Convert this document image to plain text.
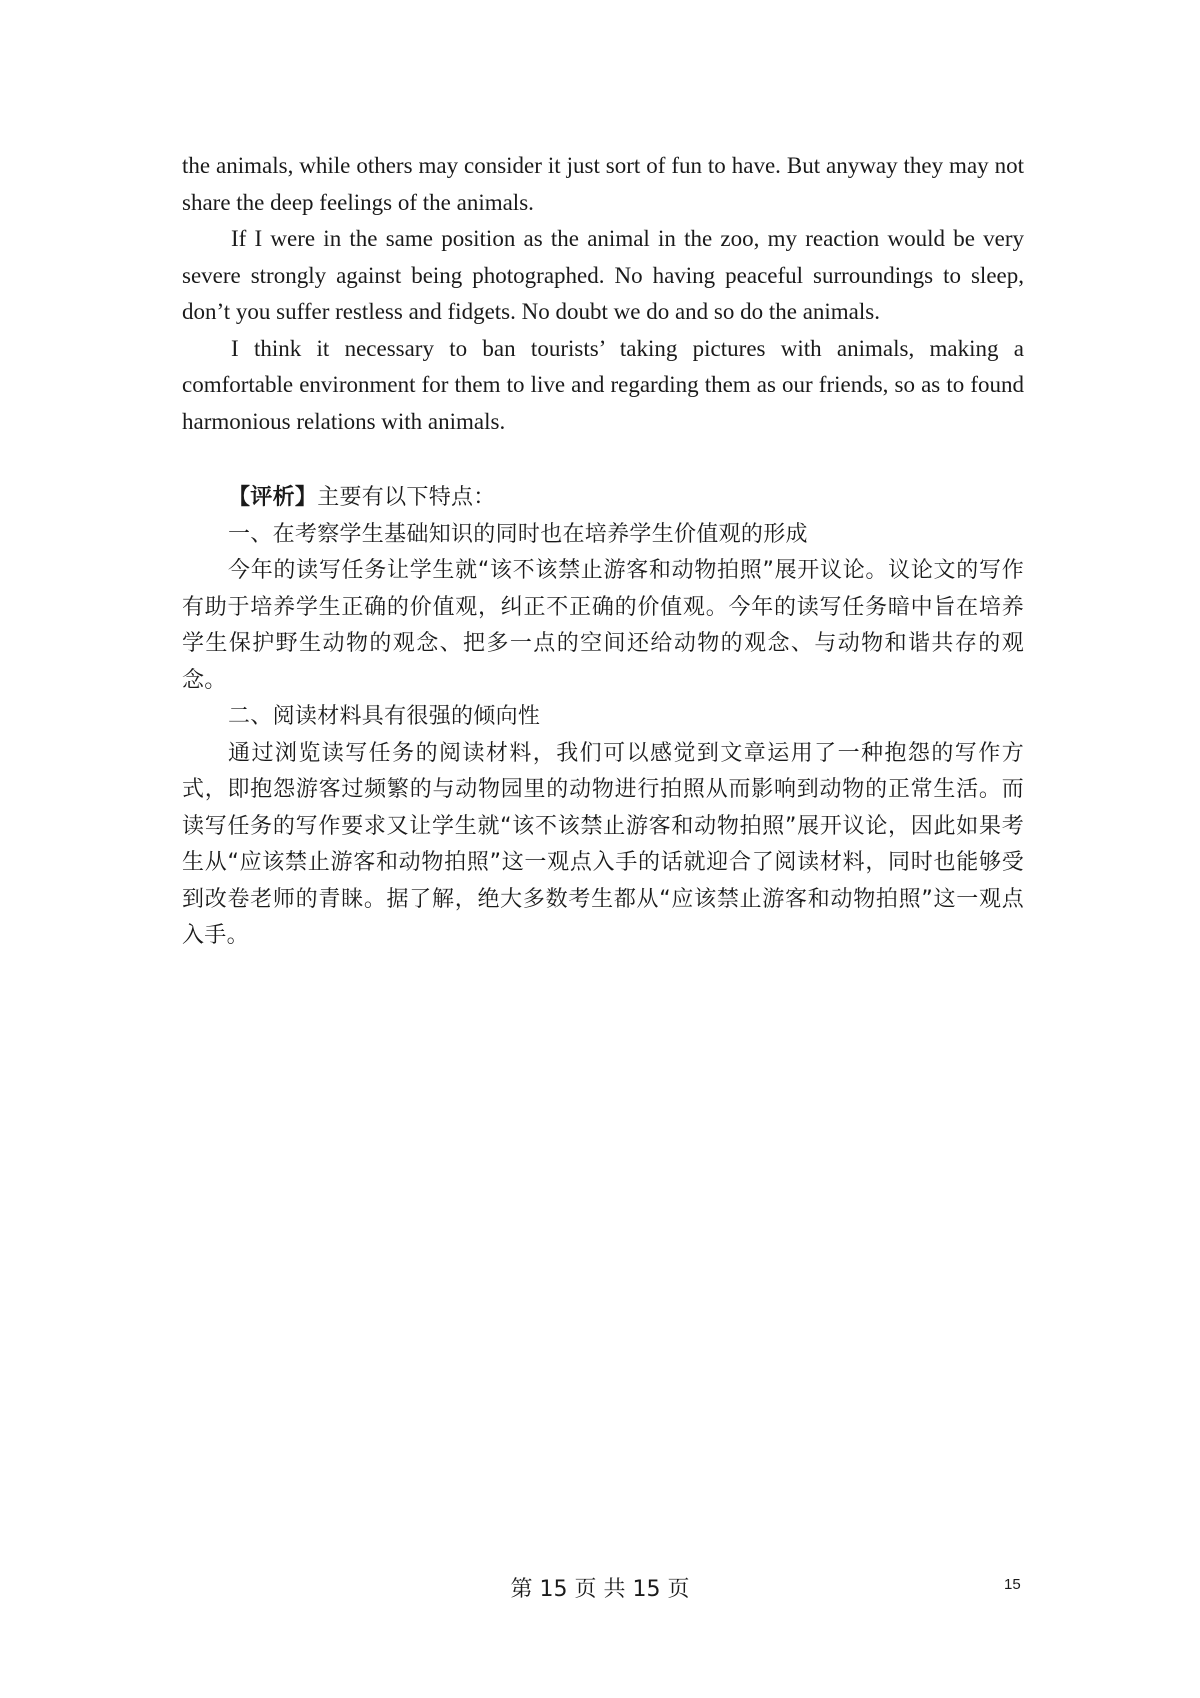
the animals, while others may consider it just sort of fun to have. But anyway they may not share the deep feelings of the animals.

If I were in the same position as the animal in the zoo, my reaction would be very severe strongly against being photographed. No having peaceful surroundings to sleep, don’t you suffer restless and fidgets. No doubt we do and so do the animals.

I think it necessary to ban tourists’ taking pictures with animals, making a comfortable environment for them to live and regarding them as our friends, so as to found harmonious relations with animals.

【评析】主要有以下特点：

一、在考察学生基础知识的同时也在培养学生价值观的形成

今年的读写任务让学生就“该不该禁止游客和动物拍照”展开议论。议论文的写作有助于培养学生正确的价值观，纠正不正确的价值观。今年的读写任务暗中旨在培养学生保护野生动物的观念、把多一点的空间还给动物的观念、与动物和谐共存的观念。

二、阅读材料具有很强的倾向性

通过浏览读写任务的阅读材料，我们可以感觉到文章运用了一种抱怨的写作方式，即抱怨游客过频繁的与动物园里的动物进行拍照从而影响到动物的正常生活。而读写任务的写作要求又让学生就“该不该禁止游客和动物拍照”展开议论，因此如果考生从“应该禁止游客和动物拍照”这一观点入手的话就迎合了阅读材料，同时也能够受到改卷老师的青睐。据了解，绝大多数考生都从“应该禁止游客和动物拍照”这一观点入手。

第 15 页 共 15 页	15
